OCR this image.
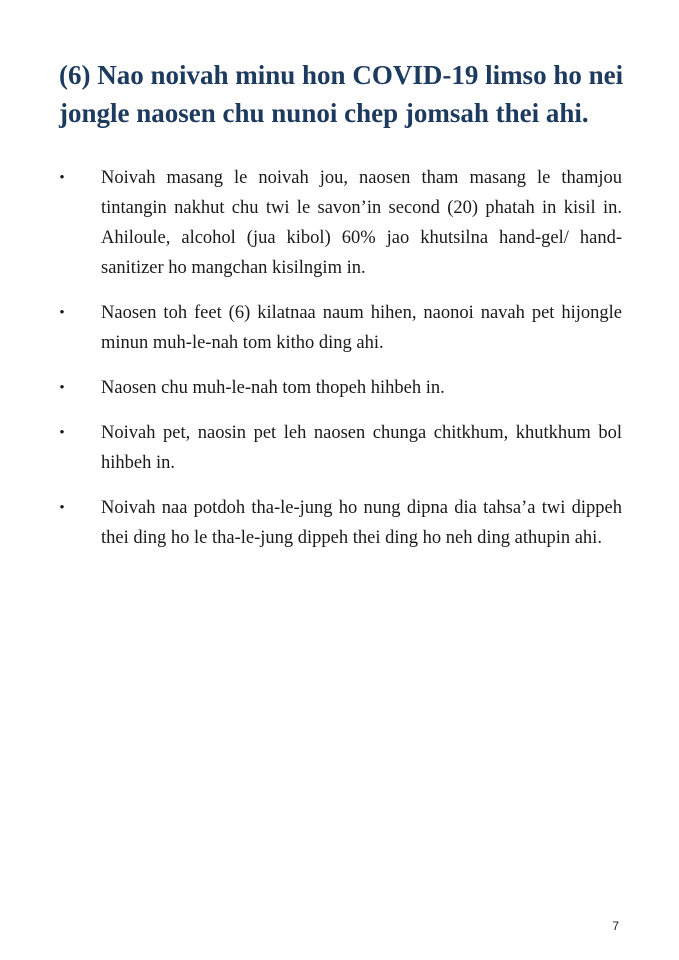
(6) Nao noivah minu hon COVID-19 limso ho nei
jongle naosen chu nunoi chep jomsah thei ahi.
• Noivah masang le noivah jou, naosen tham masang le thamjou tintangin nakhut chu twi le savon’in second (20) phatah in kisil in. Ahiloule, alcohol (jua kibol) 60% jao khutsilna hand-gel/ hand-sanitizer ho mangchan kisilngim in.
• Naosen toh feet (6) kilatnaa naum hihen, naonoi navah pet hijongle minun muh-le-nah tom kitho ding ahi.
• Naosen chu muh-le-nah tom thopeh hihbeh in.
• Noivah pet, naosin pet leh naosen chunga chitkhum, khutkhum bol hihbeh in.
• Noivah naa potdoh tha-le-jung ho nung dipna dia tahsa’a twi dippeh thei ding ho le tha-le-jung dippeh thei ding ho neh ding athupin ahi.
7
